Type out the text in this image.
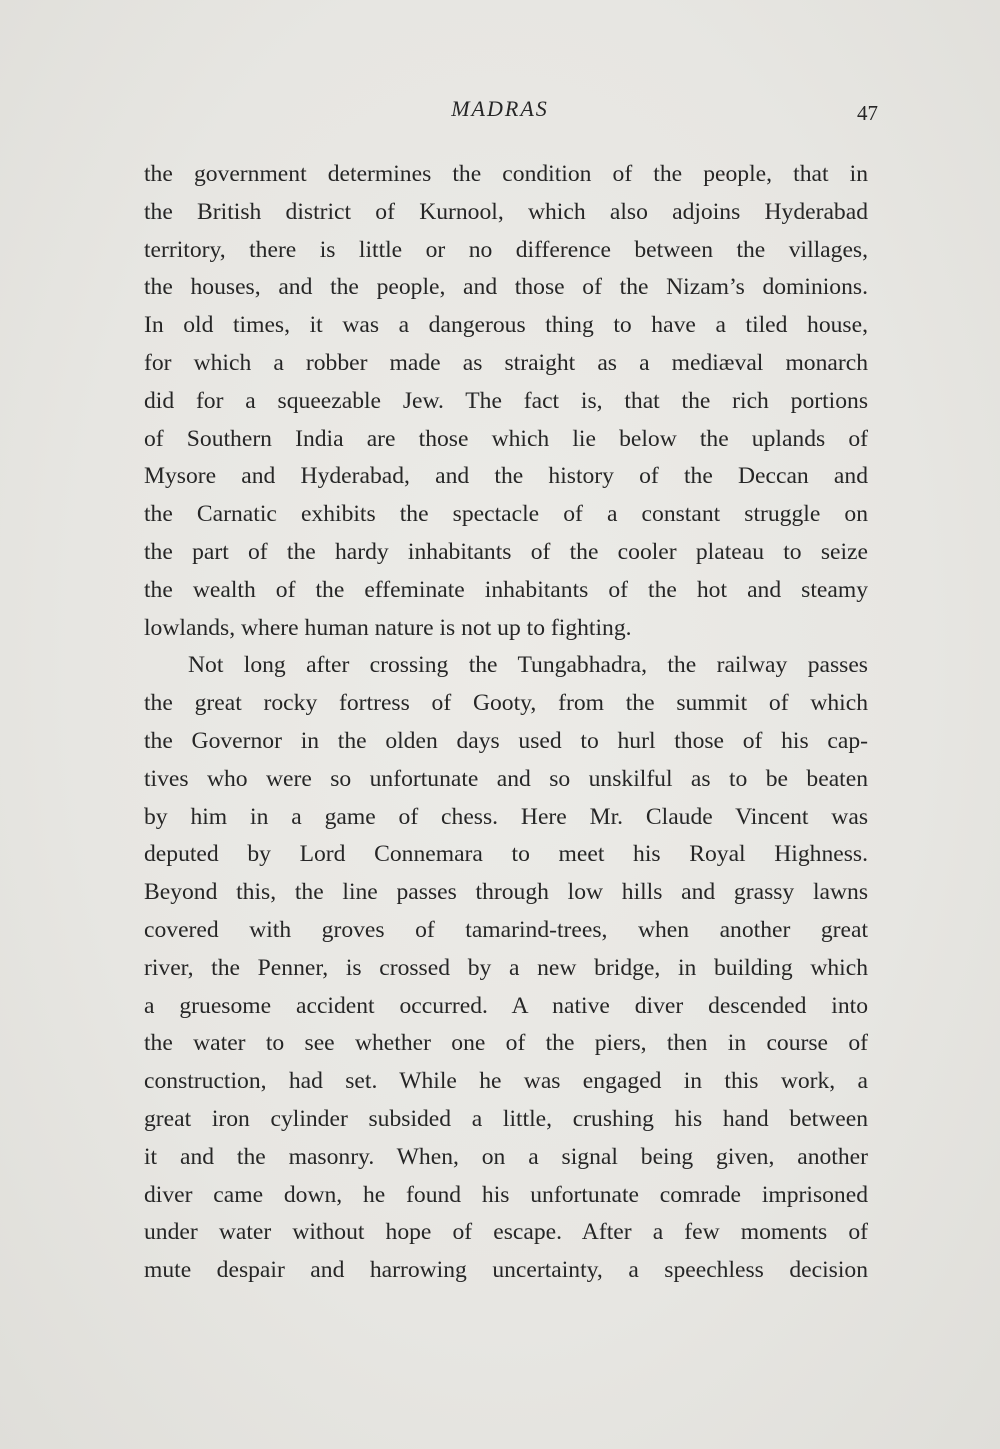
MADRAS	47
the government determines the condition of the people, that in
the British district of Kurnool, which also adjoins Hyderabad
territory, there is little or no difference between the villages,
the houses, and the people, and those of the Nizam’s dominions.
In old times, it was a dangerous thing to have a tiled house,
for which a robber made as straight as a mediæval monarch
did for a squeezable Jew. The fact is, that the rich portions
of Southern India are those which lie below the uplands of
Mysore and Hyderabad, and the history of the Deccan and
the Carnatic exhibits the spectacle of a constant struggle on
the part of the hardy inhabitants of the cooler plateau to seize
the wealth of the effeminate inhabitants of the hot and steamy
lowlands, where human nature is not up to fighting.
Not long after crossing the Tungabhadra, the railway passes
the great rocky fortress of Gooty, from the summit of which
the Governor in the olden days used to hurl those of his cap-
tives who were so unfortunate and so unskilful as to be beaten
by him in a game of chess. Here Mr. Claude Vincent was
deputed by Lord Connemara to meet his Royal Highness.
Beyond this, the line passes through low hills and grassy lawns
covered with groves of tamarind-trees, when another great
river, the Penner, is crossed by a new bridge, in building which
a gruesome accident occurred. A native diver descended into
the water to see whether one of the piers, then in course of
construction, had set. While he was engaged in this work, a
great iron cylinder subsided a little, crushing his hand between
it and the masonry. When, on a signal being given, another
diver came down, he found his unfortunate comrade imprisoned
under water without hope of escape. After a few moments of
mute despair and harrowing uncertainty, a speechless decision
